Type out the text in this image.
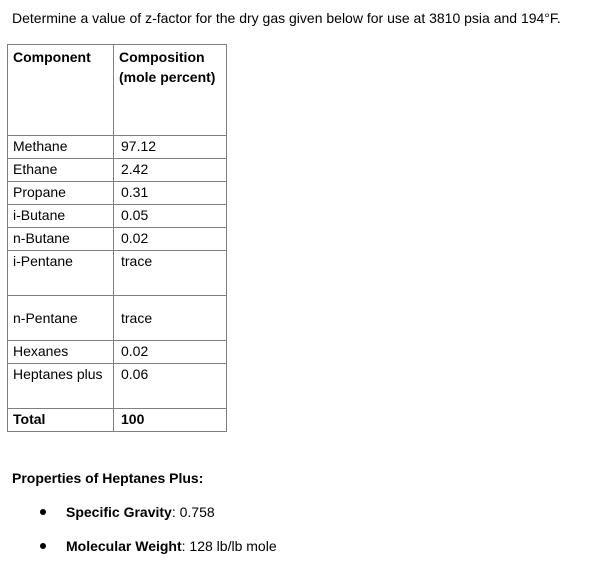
Determine a value of z-factor for the dry gas given below for use at 3810 psia and 194°F.
Component	Composition (mole percent)
Methane	97.12
Ethane	2.42
Propane	0.31
i-Butane	0.05
n-Butane	0.02
i-Pentane	trace
n-Pentane	trace
Hexanes	0.02
Heptanes plus	0.06
Total	100
Properties of Heptanes Plus:
Specific Gravity: 0.758
Molecular Weight: 128 lb/lb mole
